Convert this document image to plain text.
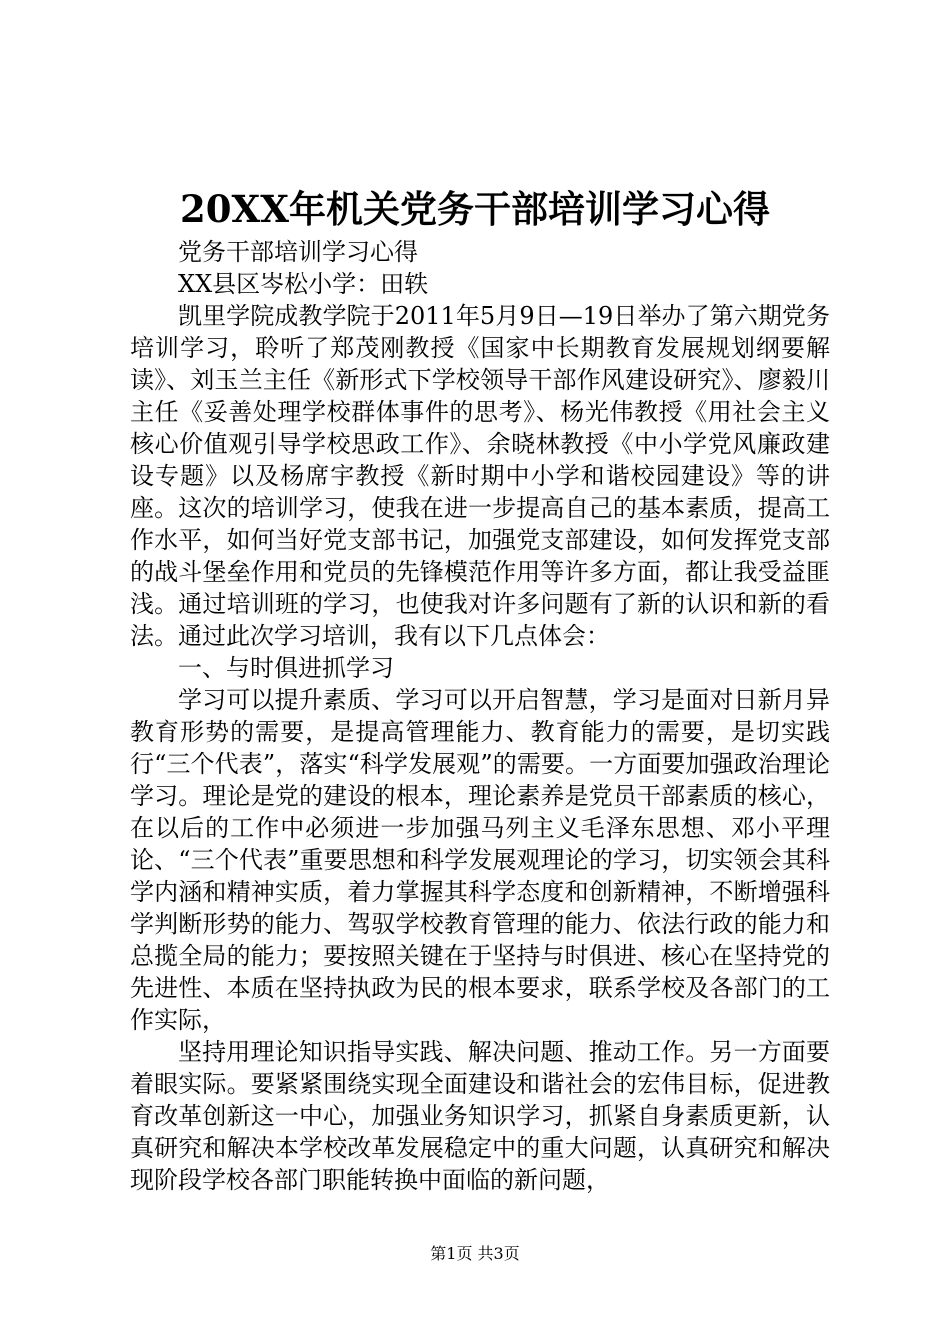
20XX年机关党务干部培训学习心得

党务干部培训学习心得

XX县区岑松小学：田轶

凯里学院成教学院于2011年5月9日—19日举办了第六期党务培训学习，聆听了郑茂刚教授《国家中长期教育发展规划纲要解读》、刘玉兰主任《新形式下学校领导干部作风建设研究》、廖毅川主任《妥善处理学校群体事件的思考》、杨光伟教授《用社会主义核心价值观引导学校思政工作》、余晓林教授《中小学党风廉政建设专题》以及杨席宇教授《新时期中小学和谐校园建设》等的讲座。这次的培训学习，使我在进一步提高自己的基本素质，提高工作水平，如何当好党支部书记，加强党支部建设，如何发挥党支部的战斗堡垒作用和党员的先锋模范作用等许多方面，都让我受益匪浅。通过培训班的学习，也使我对许多问题有了新的认识和新的看法。通过此次学习培训，我有以下几点体会：

一、与时俱进抓学习

学习可以提升素质、学习可以开启智慧，学习是面对日新月异教育形势的需要，是提高管理能力、教育能力的需要，是切实践行“三个代表”，落实“科学发展观”的需要。一方面要加强政治理论学习。理论是党的建设的根本，理论素养是党员干部素质的核心，在以后的工作中必须进一步加强马列主义毛泽东思想、邓小平理论、“三个代表”重要思想和科学发展观理论的学习，切实领会其科学内涵和精神实质，着力掌握其科学态度和创新精神，不断增强科学判断形势的能力、驾驭学校教育管理的能力、依法行政的能力和总揽全局的能力；要按照关键在于坚持与时俱进、核心在坚持党的先进性、本质在坚持执政为民的根本要求，联系学校及各部门的工作实际，

坚持用理论知识指导实践、解决问题、推动工作。另一方面要着眼实际。要紧紧围绕实现全面建设和谐社会的宏伟目标，促进教育改革创新这一中心，加强业务知识学习，抓紧自身素质更新，认真研究和解决本学校改革发展稳定中的重大问题，认真研究和解决现阶段学校各部门职能转换中面临的新问题，

第1页 共3页
